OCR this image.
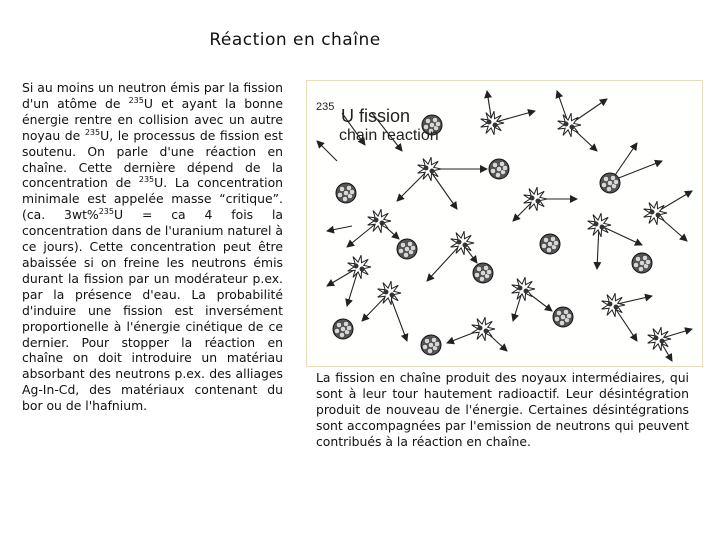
Réaction en chaîne

Si au moins un neutron émis par la fission d'un atôme de $^{235}$U et ayant la bonne énergie rentre en collision avec un autre noyau de $^{235}$U, le processus de fission est soutenu. On parle d'une réaction en chaîne. Cette dernière dépend de la concentration de $^{235}$U. La concentration minimale est appelée masse “critique”. (ca. 3wt%$^{235}$U = ca 4 fois la concentration dans de l'uranium naturel à ce jours). Cette concentration peut être abaissée si on freine les neutrons émis durant la fission par un modérateur p.ex. par la présence d'eau. La probabilité d'induire une fission est inversément proportionelle à l'énergie cinétique de ce dernier. Pour stopper la réaction en chaîne on doit introduire un matériau absorbant des neutrons p.ex. des alliages Ag-In-Cd, des matériaux contenant du bor ou de l'hafnium.

235 U fission
chain reaction

La fission en chaîne produit des noyaux intermédiaires, qui sont à leur tour hautement radioactif. Leur désintégration produit de nouveau de l'énergie. Certaines désintégrations sont accompagnées par l'emission de neutrons qui peuvent contribués à la réaction en chaîne.
